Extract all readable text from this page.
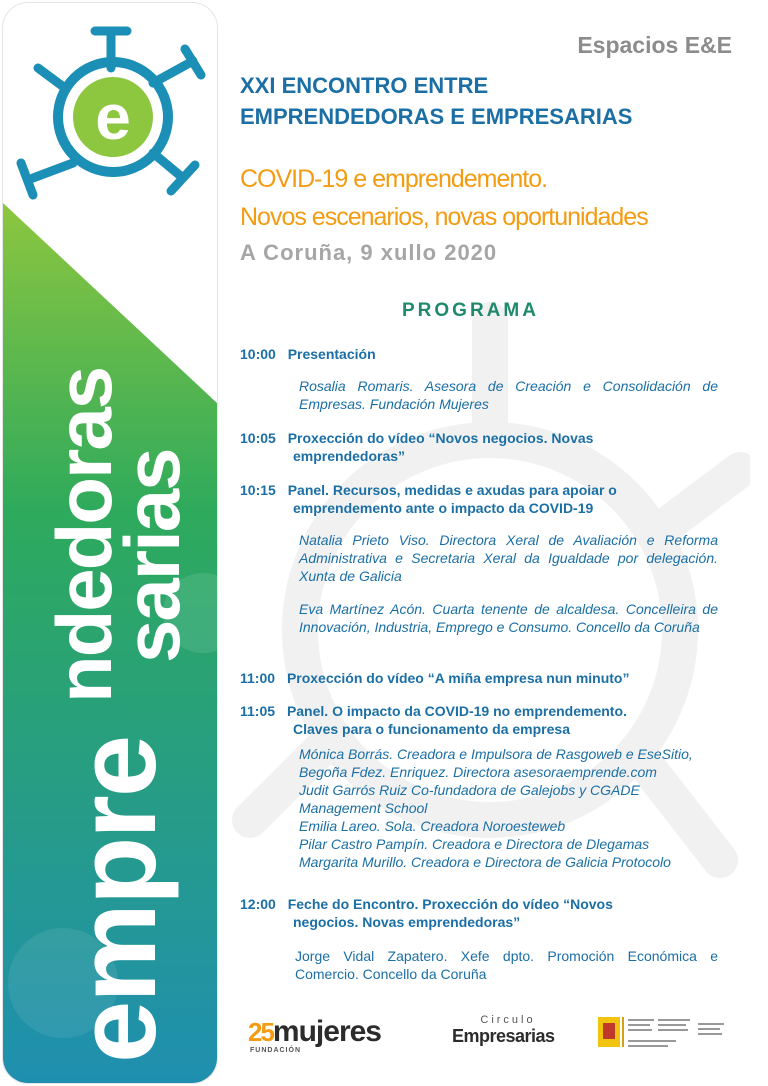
e
empre
ndedoras
sarias
Espacios E&E
XXI ENCONTRO ENTRE
EMPRENDEDORAS E EMPRESARIAS
COVID-19 e emprendemento.
Novos escenarios, novas oportunidades
A Coruña, 9 xullo 2020
PROGRAMA
10:00 Presentación
Rosalia Romaris. Asesora de Creación e Consolidación de Empresas. Fundación Mujeres
10:05 Proxección do vídeo “Novos negocios. Novas
emprendedoras”
10:15 Panel. Recursos, medidas e axudas para apoiar o
emprendemento ante o impacto da COVID-19
Natalia Prieto Viso. Directora Xeral de Avaliación e Reforma Administrativa e Secretaria Xeral da Igualdade por delegación. Xunta de Galicia
Eva Martínez Acón. Cuarta tenente de alcaldesa. Concelleira de Innovación, Industria, Emprego e Consumo. Concello da Coruña
11:00 Proxección do vídeo “A miña empresa nun minuto”
11:05 Panel. O impacto da COVID-19 no emprendemento.
Claves para o funcionamento da empresa
Mónica Borrás. Creadora e Impulsora de Rasgoweb e EseSitio,
Begoña Fdez. Enriquez. Directora asesoraemprende.com
Judit Garrós Ruiz Co-fundadora de Galejobs y CGADE Management School
Emilia Lareo. Sola. Creadora Noroesteweb
Pilar Castro Pampín. Creadora e Directora de Dlegamas
Margarita Murillo. Creadora e Directora de Galicia Protocolo
12:00 Feche do Encontro. Proxección do vídeo “Novos
negocios. Novas emprendedoras”
Jorge Vidal Zapatero. Xefe dpto. Promoción Económica e Comercio. Concello da Coruña
25mujeres
FUNDACIÓN
Circulo
Empresarias
